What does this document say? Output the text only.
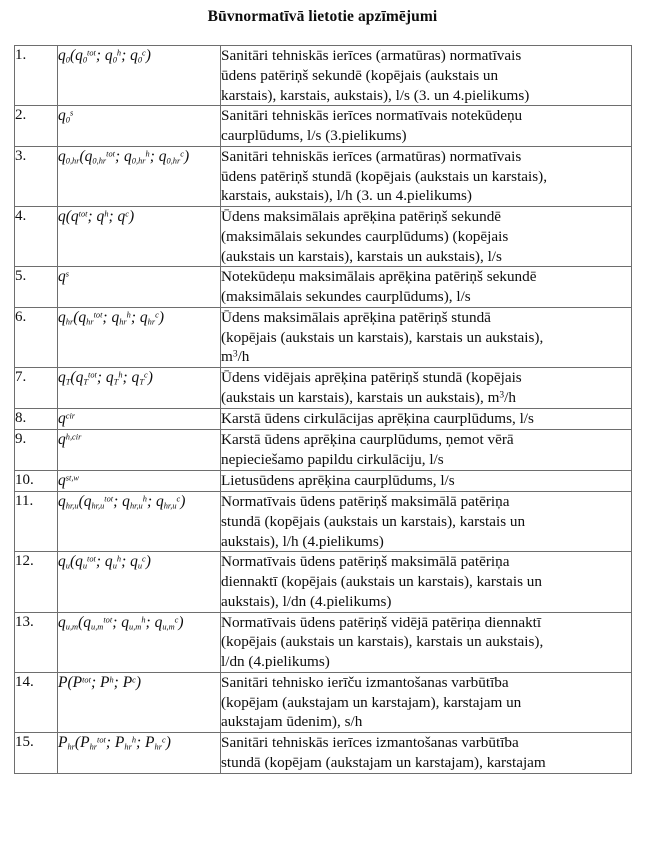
Būvnormatīvā lietotie apzīmējumi
1.	$q_0(q_0^{tot}$; $q_0^h$; $q_0^c$)	Sanitāri tehniskās ierīces (armatūras) normatīvais
ūdens patēriņš sekundē (kopējais (aukstais un
karstais), karstais, aukstais), l/s (3. un 4.pielikums)

2.	$q_0^s$	Sanitāri tehniskās ierīces normatīvais notekūdeņu
caurplūdums, l/s (3.pielikums)

3.	$q_{0,hr}(q_{0,hr}^{tot}$; $q_{0,hr}^h$; $q_{0,hr}^c$)	Sanitāri tehniskās ierīces (armatūras) normatīvais
ūdens patēriņš stundā (kopējais (aukstais un karstais),
karstais, aukstais), l/h (3. un 4.pielikums)

4.	$q(q^{tot}$; $q^h$; $q^c$)	Ūdens maksimālais aprēķina patēriņš sekundē
(maksimālais sekundes caurplūdums) (kopējais
(aukstais un karstais), karstais un aukstais), l/s

5.	$q^s$	Notekūdeņu maksimālais aprēķina patēriņš sekundē
(maksimālais sekundes caurplūdums), l/s

6.	$q_{hr}(q_{hr}^{tot}$; $q_{hr}^h$; $q_{hr}^c$)	Ūdens maksimālais aprēķina patēriņš stundā
(kopējais (aukstais un karstais), karstais un aukstais),
$m^3/h$

7.	$q_T(q_T^{tot}$; $q_T^h$; $q_T^c$)	Ūdens vidējais aprēķina patēriņš stundā (kopējais
(aukstais un karstais), karstais un aukstais), $m^3/h$

8.	$q^{cir}$	Karstā ūdens cirkulācijas aprēķina caurplūdums, l/s

9.	$q^{h,cir}$	Karstā ūdens aprēķina caurplūdums, ņemot vērā
nepieciešamo papildu cirkulāciju, l/s

10.	$q^{st,w}$	Lietusūdens aprēķina caurplūdums, l/s

11.	$q_{hr,u}(q_{hr,u}^{tot}$; $q_{hr,u}^h$; $q_{hr,u}^c$)	Normatīvais ūdens patēriņš maksimālā patēriņa
stundā (kopējais (aukstais un karstais), karstais un
aukstais), l/h (4.pielikums)

12.	$q_u(q_u^{tot}$; $q_u^h$; $q_u^c$)	Normatīvais ūdens patēriņš maksimālā patēriņa
diennaktī (kopējais (aukstais un karstais), karstais un
aukstais), l/dn (4.pielikums)

13.	$q_{u,m}(q_{u,m}^{tot}$; $q_{u,m}^h$; $q_{u,m}^c$)	Normatīvais ūdens patēriņš vidējā patēriņa diennaktī
(kopējais (aukstais un karstais), karstais un aukstais),
l/dn (4.pielikums)

14.	$P(P^{tot}$; $P^h$; $P^c$)	Sanitāri tehnisko ierīču izmantošanas varbūtība
(kopējam (aukstajam un karstajam), karstajam un
aukstajam ūdenim), s/h

15.	$P_{hr}(P_{hr}^{tot}$; $P_{hr}^h$; $P_{hr}^c$)	Sanitāri tehniskās ierīces izmantošanas varbūtība
stundā (kopējam (aukstajam un karstajam), karstajam
